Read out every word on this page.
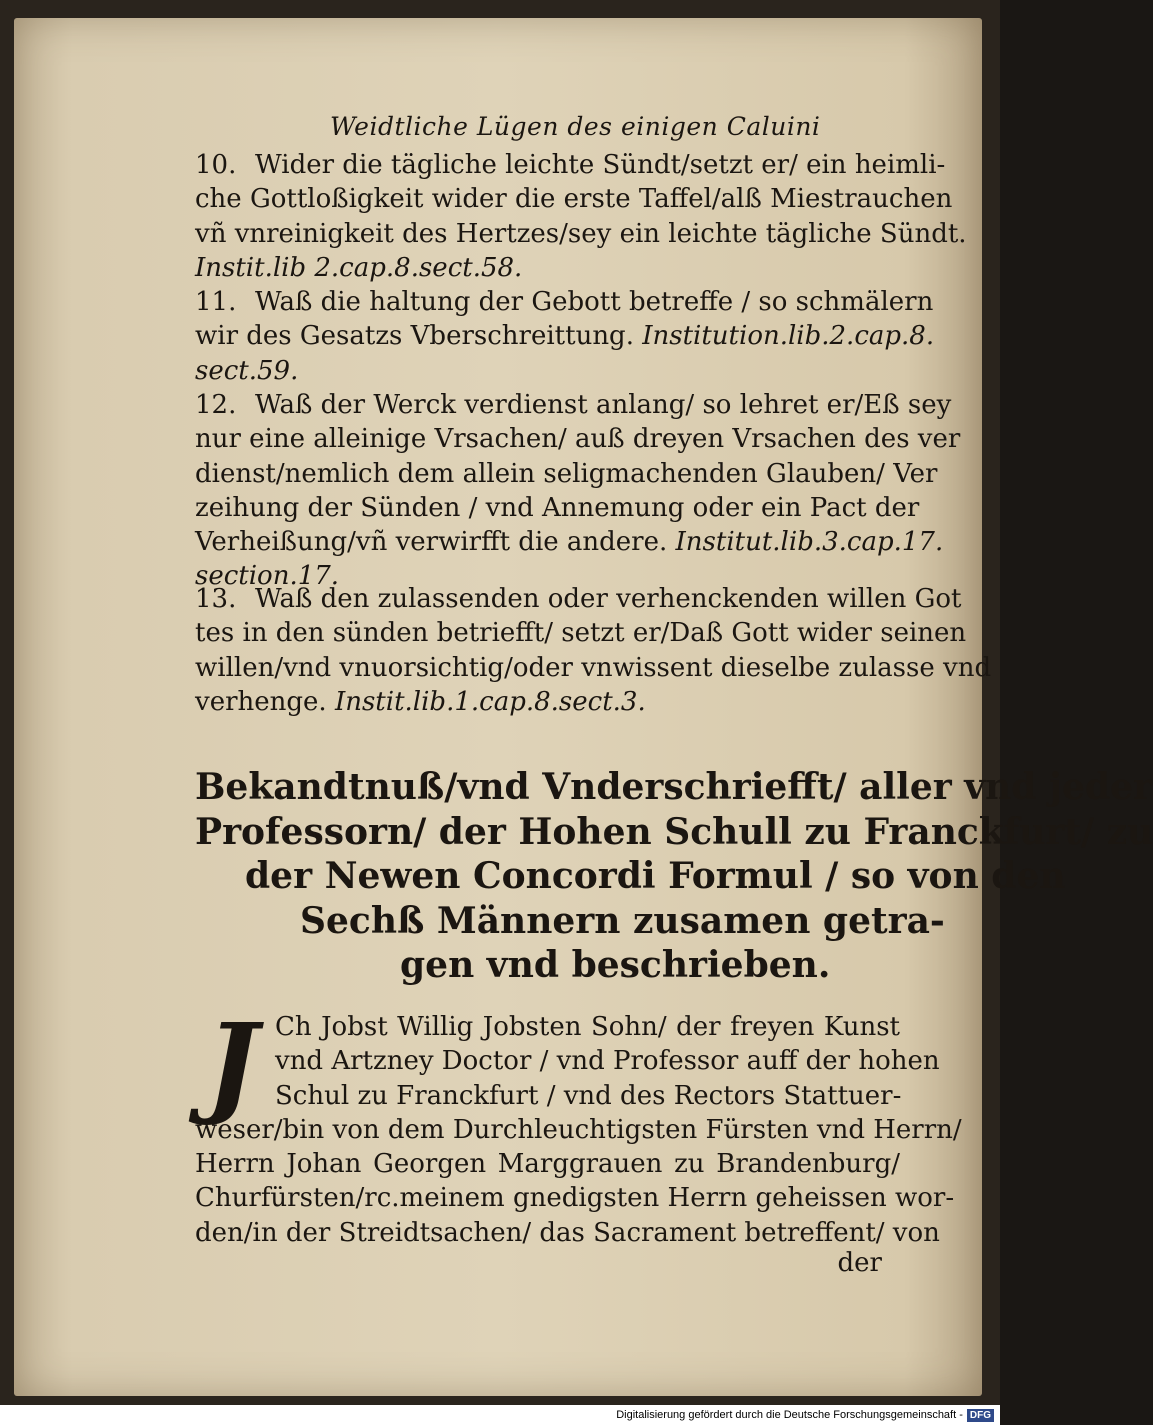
Weidtliche Lügen des einigen Caluini
10. Wider die tägliche leichte Sündt/setzt er/ ein heimli-
che Gottloßigkeit wider die erste Taffel/alß Miestrauchen
vñ vnreinigkeit des Hertzes/sey ein leichte tägliche Sündt.
Instit.lib 2.cap.8.sect.58.
11. Waß die haltung der Gebott betreffe / so schmälern
wir des Gesatzs Vberschreittung. Institution.lib.2.cap.8.
sect.59.
12. Waß der Werck verdienst anlang/ so lehret er/Eß sey
nur eine alleinige Vrsachen/ auß dreyen Vrsachen des ver
dienst/nemlich dem allein seligmachenden Glauben/ Ver
zeihung der Sünden / vnd Annemung oder ein Pact der
Verheißung/vñ verwirfft die andere. Institut.lib.3.cap.17.
section.17.
13. Waß den zulassenden oder verhenckenden willen Got
tes in den sünden betriefft/ setzt er/Daß Gott wider seinen
willen/vnd vnuorsichtig/oder vnwissent dieselbe zulasse vnd
verhenge. Instit.lib.1.cap.8.sect.3.
Bekandtnuß/vnd Vnderschriefft/ aller vnd jeder
Professorn/ der Hohen Schull zu Franckfurt/ zu
der Newen Concordi Formul / so von den
Sechß Männern zusamen getra-
gen vnd beschrieben.
J Ch Jobst Willig Jobsten Sohn/ der freyen Kunst
vnd Artzney Doctor / vnd Professor auff der hohen
Schul zu Franckfurt / vnd des Rectors Stattuer-
weser/bin von dem Durchleuchtigsten Fürsten vnd Herrn/
Herrn Johan Georgen Marggrauen zu Brandenburg/
Churfürsten/rc.meinem gnedigsten Herrn geheissen wor-
den/in der Streidtsachen/ das Sacrament betreffent/ von
der
Digitalisierung gefördert durch die Deutsche Forschungsgemeinschaft - DFG
